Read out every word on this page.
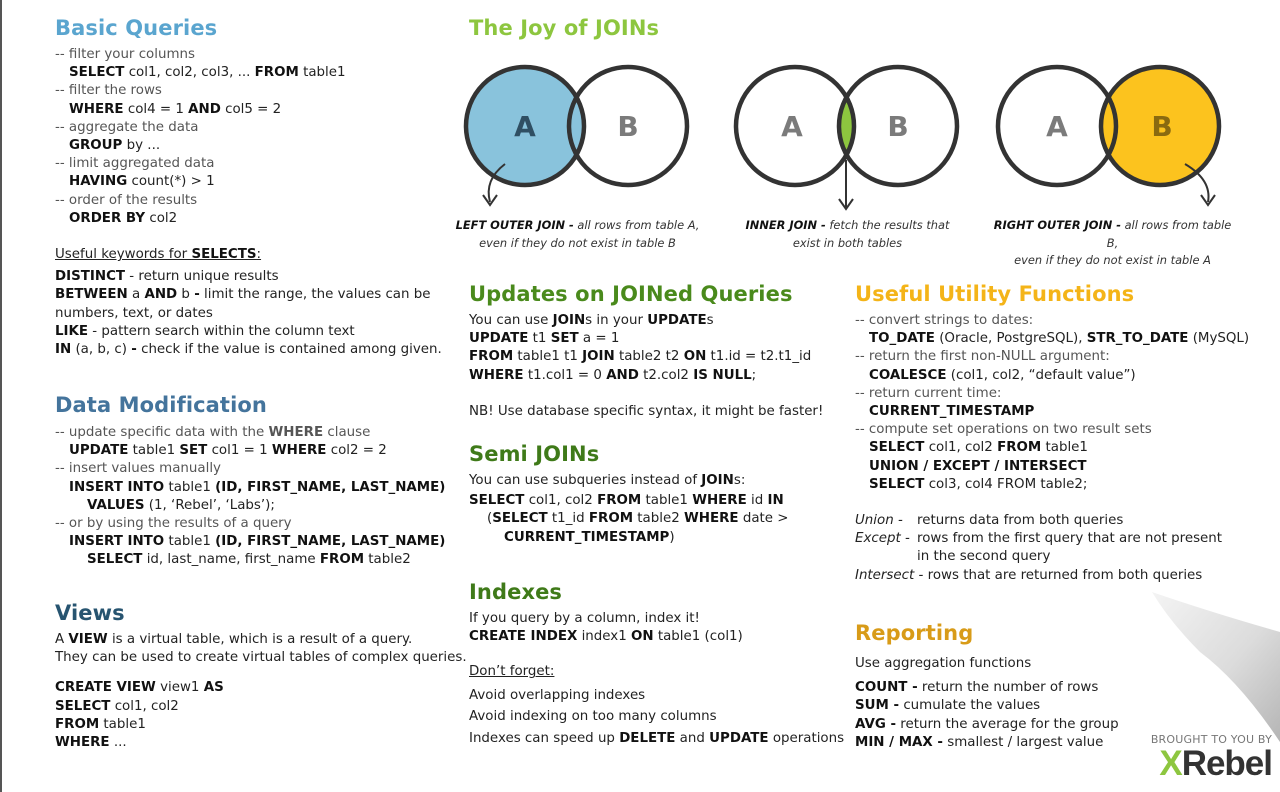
Basic Queries
-- filter your columns
SELECT col1, col2, col3, ... FROM table1
-- filter the rows
WHERE col4 = 1 AND col5 = 2
-- aggregate the data
GROUP by ...
-- limit aggregated data
HAVING count(*) > 1
-- order of the results
ORDER BY col2
Useful keywords for SELECTS:
DISTINCT - return unique results
BETWEEN a AND b - limit the range, the values can be
numbers, text, or dates
LIKE - pattern search within the column text
IN (a, b, c) - check if the value is contained among given.
Data Modification
-- update specific data with the WHERE clause
UPDATE table1 SET col1 = 1 WHERE col2 = 2
-- insert values manually
INSERT INTO table1 (ID, FIRST_NAME, LAST_NAME)
VALUES (1, ‘Rebel’, ‘Labs’);
-- or by using the results of a query
INSERT INTO table1 (ID, FIRST_NAME, LAST_NAME)
SELECT id, last_name, first_name FROM table2
Views
A VIEW is a virtual table, which is a result of a query.
They can be used to create virtual tables of complex queries.
CREATE VIEW view1 AS
SELECT col1, col2
FROM table1
WHERE ...
The Joy of JOINs
A	B	A	B	A	B
LEFT OUTER JOIN - all rows from table A,
even if they do not exist in table B
INNER JOIN - fetch the results that
exist in both tables
RIGHT OUTER JOIN - all rows from table B,
even if they do not exist in table A
Updates on JOINed Queries
You can use JOINs in your UPDATEs
UPDATE t1 SET a = 1
FROM table1 t1 JOIN table2 t2 ON t1.id = t2.t1_id
WHERE t1.col1 = 0 AND t2.col2 IS NULL;
NB! Use database specific syntax, it might be faster!
Semi JOINs
You can use subqueries instead of JOINs:
SELECT col1, col2 FROM table1 WHERE id IN
(SELECT t1_id FROM table2 WHERE date >
CURRENT_TIMESTAMP)
Indexes
If you query by a column, index it!
CREATE INDEX index1 ON table1 (col1)
Don’t forget:
Avoid overlapping indexes
Avoid indexing on too many columns
Indexes can speed up DELETE and UPDATE operations
Useful Utility Functions
-- convert strings to dates:
TO_DATE (Oracle, PostgreSQL), STR_TO_DATE (MySQL)
-- return the first non-NULL argument:
COALESCE (col1, col2, “default value”)
-- return current time:
CURRENT_TIMESTAMP
-- compute set operations on two result sets
SELECT col1, col2 FROM table1
UNION / EXCEPT / INTERSECT
SELECT col3, col4 FROM table2;
Union - returns data from both queries
Except - rows from the first query that are not present
in the second query
Intersect - rows that are returned from both queries
Reporting
Use aggregation functions
COUNT - return the number of rows
SUM - cumulate the values
AVG - return the average for the group
MIN / MAX - smallest / largest value	BROUGHT TO YOU BY
XRebel
